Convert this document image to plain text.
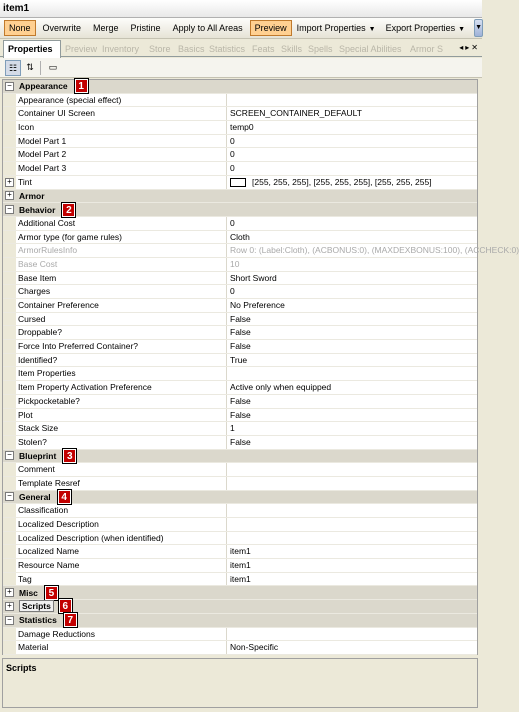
item1
None	Overwrite	Merge	Pristine	Apply to All Areas	Preview	Import Properties ▼	Export Properties ▼	▼
Properties	Preview Inventory	Store Basics Statistics Feats Skills Spells Special Abilities Armor S ◂▸✕
☷	⇅	▭
− Appearance	1
Appearance (special effect)
Container UI Screen	SCREEN_CONTAINER_DEFAULT
Icon	temp0
Model Part 1	0
Model Part 2	0
Model Part 3	0
+ Tint	[255, 255, 255], [255, 255, 255], [255, 255, 255]
+ Armor
− Behavior	2
Additional Cost	0
Armor type (for game rules)	Cloth
ArmorRulesInfo	Row 0: (Label:Cloth), (ACBONUS:0), (MAXDEXBONUS:100), (ACCHECK:0)
Base Cost	10
Base Item	Short Sword
Charges	0
Container Preference	No Preference
Cursed	False
Droppable?	False
Force Into Preferred Container?	False
Identified?	True
Item Properties
Item Property Activation Preference	Active only when equipped
Pickpocketable?	False
Plot	False
Stack Size	1
Stolen?	False
− Blueprint	3
Comment
Template Resref
− General	4
Classification
Localized Description
Localized Description (when identified)
Localized Name	item1
Resource Name	item1
Tag	item1
+ Misc	5
+	Scripts	6
− Statistics	7
Damage Reductions
Material	Non-Specific
Scripts
